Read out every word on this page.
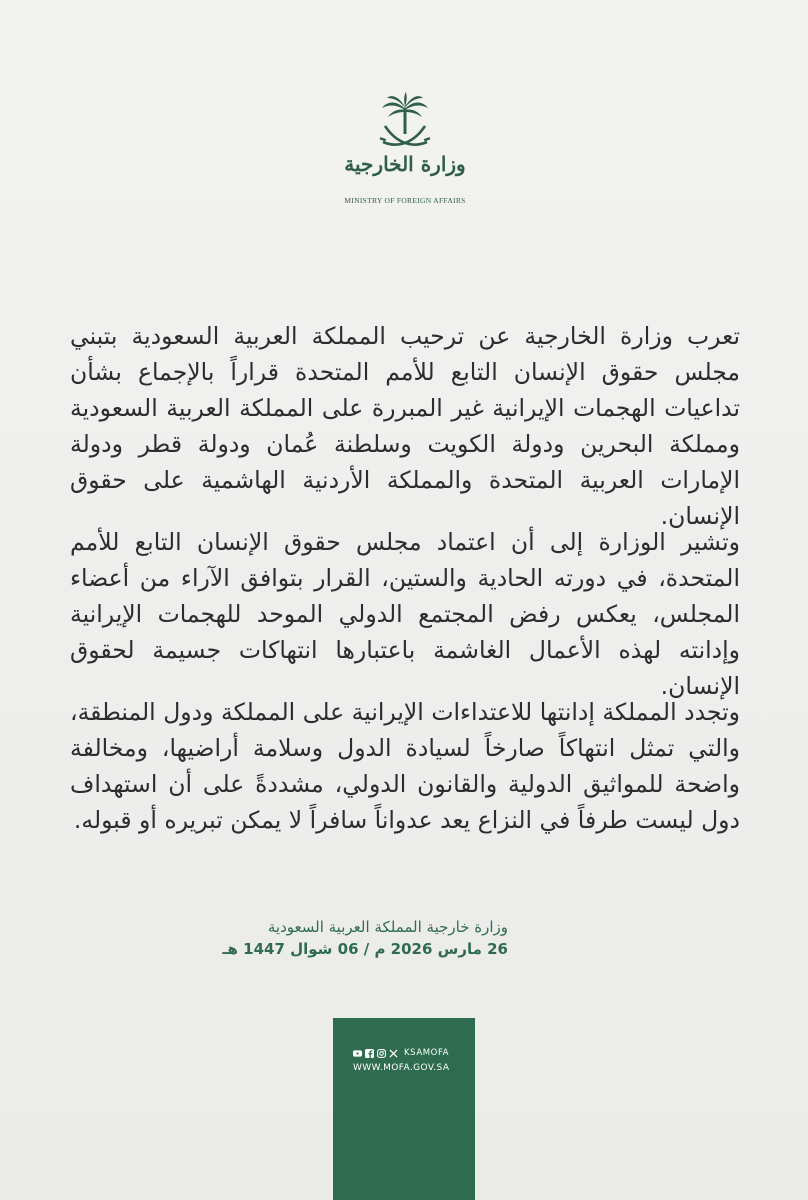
وزارة الخارجية
MINISTRY OF FOREIGN AFFAIRS
تعرب وزارة الخارجية عن ترحيب المملكة العربية السعودية بتبني مجلس حقوق الإنسان التابع للأمم المتحدة قراراً بالإجماع بشأن تداعيات الهجمات الإيرانية غير المبررة على المملكة العربية السعودية ومملكة البحرين ودولة الكويت وسلطنة عُمان ودولة قطر ودولة الإمارات العربية المتحدة والمملكة الأردنية الهاشمية على حقوق الإنسان.
وتشير الوزارة إلى أن اعتماد مجلس حقوق الإنسان التابع للأمم المتحدة، في دورته الحادية والستين، القرار بتوافق الآراء من أعضاء المجلس، يعكس رفض المجتمع الدولي الموحد للهجمات الإيرانية وإدانته لهذه الأعمال الغاشمة باعتبارها انتهاكات جسيمة لحقوق الإنسان.
وتجدد المملكة إدانتها للاعتداءات الإيرانية على المملكة ودول المنطقة، والتي تمثل انتهاكاً صارخاً لسيادة الدول وسلامة أراضيها، ومخالفة واضحة للمواثيق الدولية والقانون الدولي، مشددةً على أن استهداف دول ليست طرفاً في النزاع يعد عدواناً سافراً لا يمكن تبريره أو قبوله.
وزارة خارجية المملكة العربية السعودية
26 مارس 2026 م / 06 شوال 1447 هـ
KSAMOFA
WWW.MOFA.GOV.SA
